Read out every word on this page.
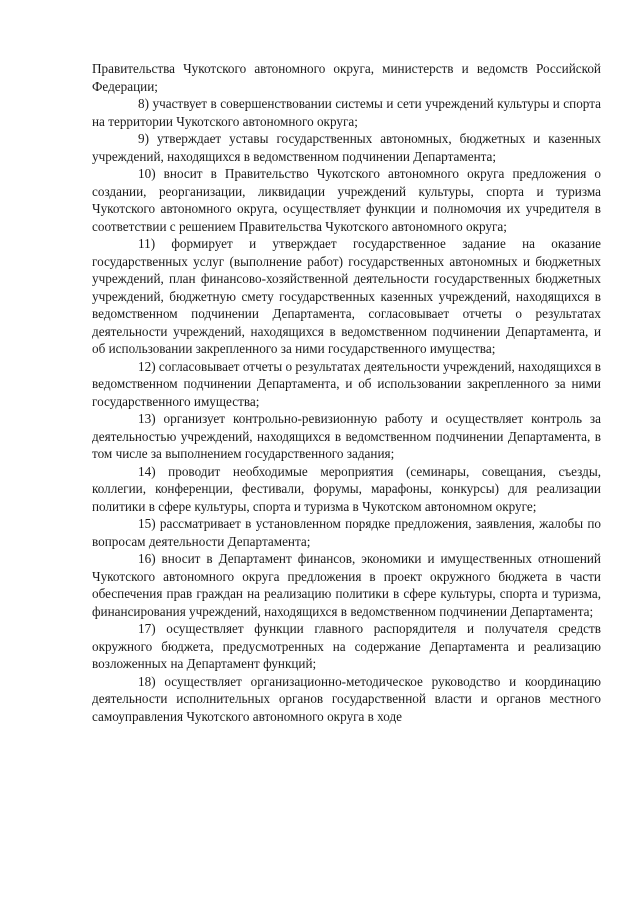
Правительства Чукотского автономного округа, министерств и ведомств Российской Федерации;

8) участвует в совершенствовании системы и сети учреждений культуры и спорта на территории Чукотского автономного округа;

9) утверждает уставы государственных автономных, бюджетных и казенных учреждений, находящихся в ведомственном подчинении Департамента;

10) вносит в Правительство Чукотского автономного округа предложения о создании, реорганизации, ликвидации учреждений культуры, спорта и туризма Чукотского автономного округа, осуществляет функции и полномочия их учредителя в соответствии с решением Правительства Чукотского автономного округа;

11) формирует и утверждает государственное задание на оказание государственных услуг (выполнение работ) государственных автономных и бюджетных учреждений, план финансово-хозяйственной деятельности государственных бюджетных учреждений, бюджетную смету государственных казенных учреждений, находящихся в ведомственном подчинении Департамента, согласовывает отчеты о результатах деятельности учреждений, находящихся в ведомственном подчинении Департамента, и об использовании закрепленного за ними государственного имущества;

12) согласовывает отчеты о результатах деятельности учреждений, находящихся в ведомственном подчинении Департамента, и об использовании закрепленного за ними государственного имущества;

13) организует контрольно-ревизионную работу и осуществляет контроль за деятельностью учреждений, находящихся в ведомственном подчинении Департамента, в том числе за выполнением государственного задания;

14) проводит необходимые мероприятия (семинары, совещания, съезды, коллегии, конференции, фестивали, форумы, марафоны, конкурсы) для реализации политики в сфере культуры, спорта и туризма в Чукотском автономном округе;

15) рассматривает в установленном порядке предложения, заявления, жалобы по вопросам деятельности Департамента;

16) вносит в Департамент финансов, экономики и имущественных отношений Чукотского автономного округа предложения в проект окружного бюджета в части обеспечения прав граждан на реализацию политики в сфере культуры, спорта и туризма, финансирования учреждений, находящихся в ведомственном подчинении Департамента;

17) осуществляет функции главного распорядителя и получателя средств окружного бюджета, предусмотренных на содержание Департамента и реализацию возложенных на Департамент функций;

18) осуществляет организационно-методическое руководство и координацию деятельности исполнительных органов государственной власти и органов местного самоуправления Чукотского автономного округа в ходе
